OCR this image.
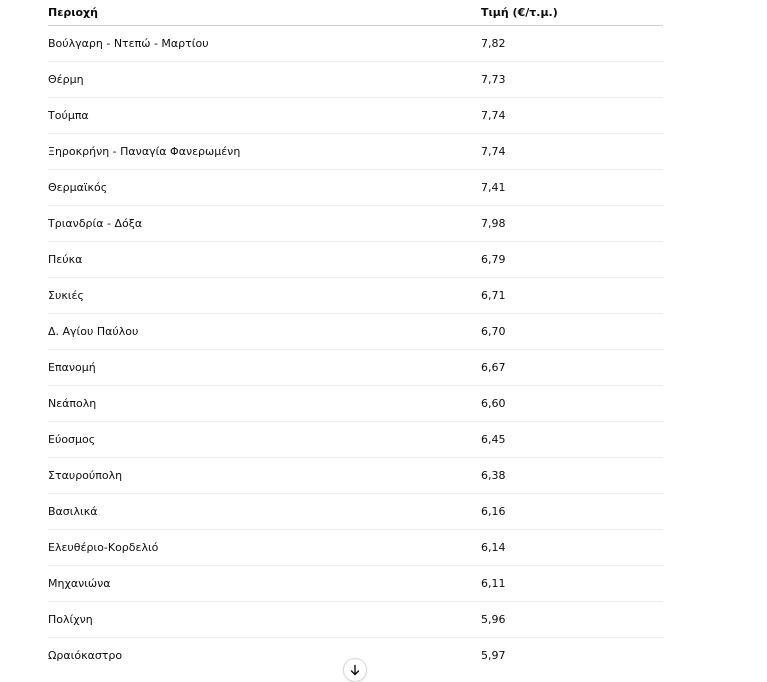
Περιοχή	Τιμή (€/τ.μ.)
Βούλγαρη - Ντεπώ - Μαρτίου	7,82
Θέρμη	7,73
Τούμπα	7,74
Ξηροκρήνη - Παναγία Φανερωμένη	7,74
Θερμαϊκός	7,41
Τριανδρία - Δόξα	7,98
Πεύκα	6,79
Συκιές	6,71
Δ. Αγίου Παύλου	6,70
Επανομή	6,67
Νεάπολη	6,60
Εύοσμος	6,45
Σταυρούπολη	6,38
Βασιλικά	6,16
Ελευθέριο-Κορδελιό	6,14
Μηχανιώνα	6,11
Πολίχνη	5,96
Ωραιόκαστρο	5,97
